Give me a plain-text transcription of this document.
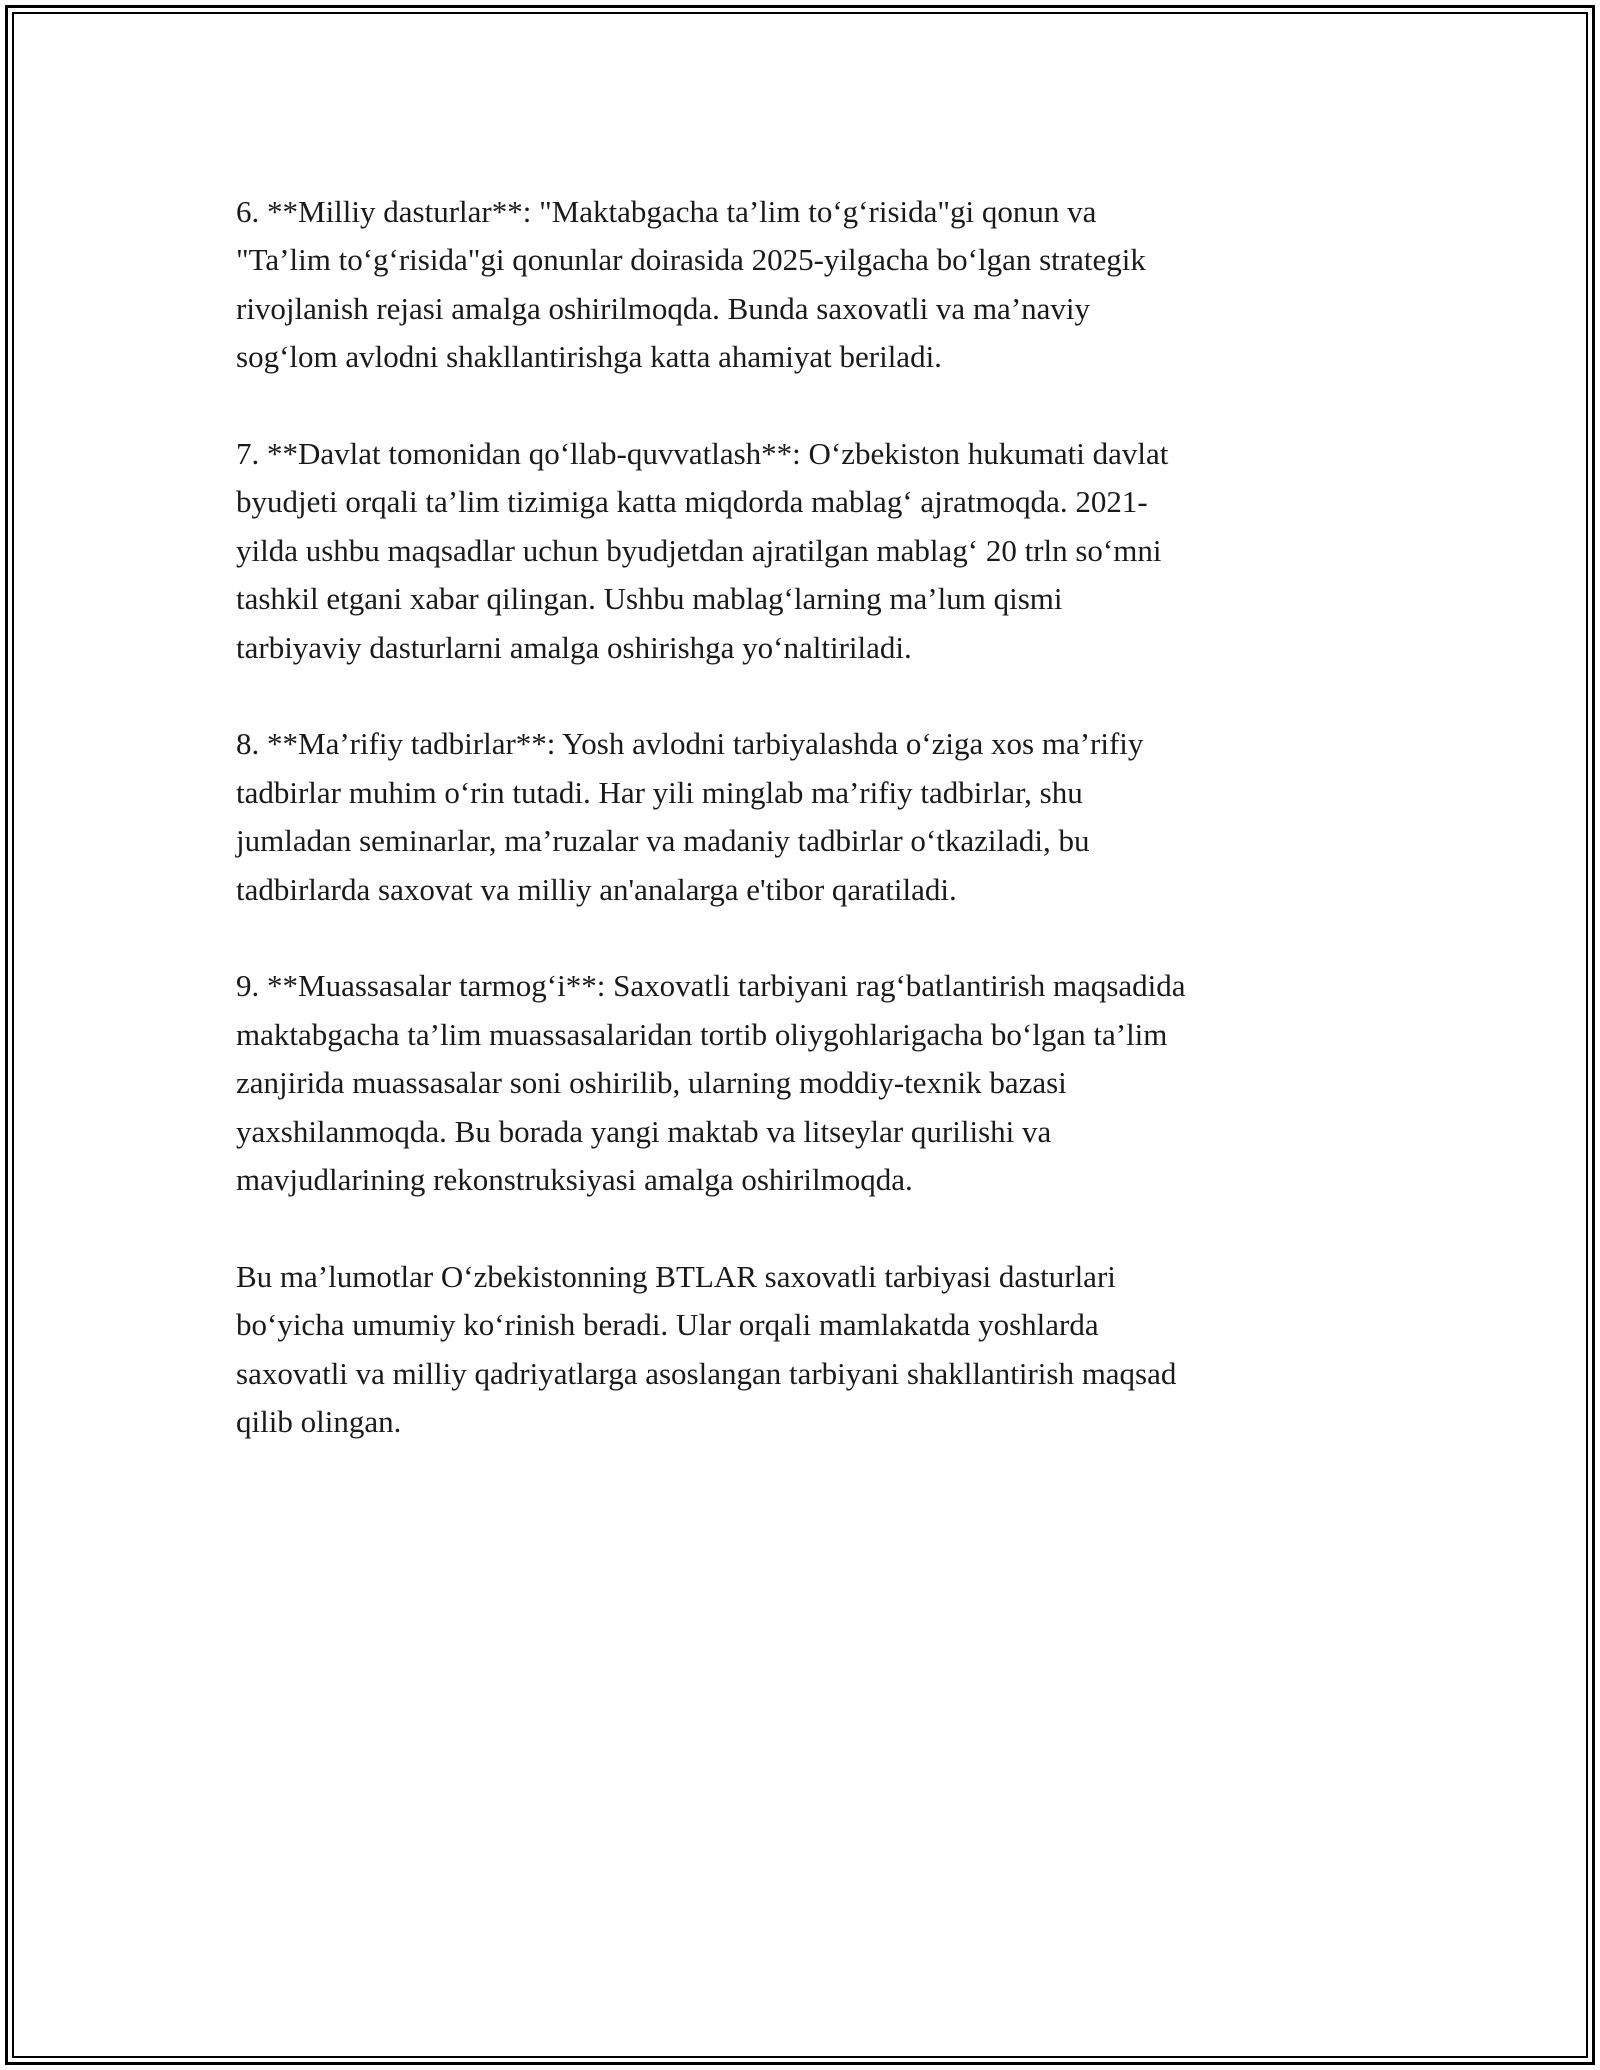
6. **Milliy dasturlar**: "Maktabgacha ta’lim to‘g‘risida"gi qonun va
"Ta’lim to‘g‘risida"gi qonunlar doirasida 2025-yilgacha bo‘lgan strategik
rivojlanish rejasi amalga oshirilmoqda. Bunda saxovatli va ma’naviy
sog‘lom avlodni shakllantirishga katta ahamiyat beriladi.

7. **Davlat tomonidan qo‘llab-quvvatlash**: O‘zbekiston hukumati davlat
byudjeti orqali ta’lim tizimiga katta miqdorda mablag‘ ajratmoqda. 2021-
yilda ushbu maqsadlar uchun byudjetdan ajratilgan mablag‘ 20 trln so‘mni
tashkil etgani xabar qilingan. Ushbu mablag‘larning ma’lum qismi
tarbiyaviy dasturlarni amalga oshirishga yo‘naltiriladi.

8. **Ma’rifiy tadbirlar**: Yosh avlodni tarbiyalashda o‘ziga xos ma’rifiy
tadbirlar muhim o‘rin tutadi. Har yili minglab ma’rifiy tadbirlar, shu
jumladan seminarlar, ma’ruzalar va madaniy tadbirlar o‘tkaziladi, bu
tadbirlarda saxovat va milliy an'analarga e'tibor qaratiladi.

9. **Muassasalar tarmog‘i**: Saxovatli tarbiyani rag‘batlantirish maqsadida
maktabgacha ta’lim muassasalaridan tortib oliygohlarigacha bo‘lgan ta’lim
zanjirida muassasalar soni oshirilib, ularning moddiy-texnik bazasi
yaxshilanmoqda. Bu borada yangi maktab va litseylar qurilishi va
mavjudlarining rekonstruksiyasi amalga oshirilmoqda.

Bu ma’lumotlar O‘zbekistonning BTLAR saxovatli tarbiyasi dasturlari
bo‘yicha umumiy ko‘rinish beradi. Ular orqali mamlakatda yoshlarda
saxovatli va milliy qadriyatlarga asoslangan tarbiyani shakllantirish maqsad
qilib olingan.
